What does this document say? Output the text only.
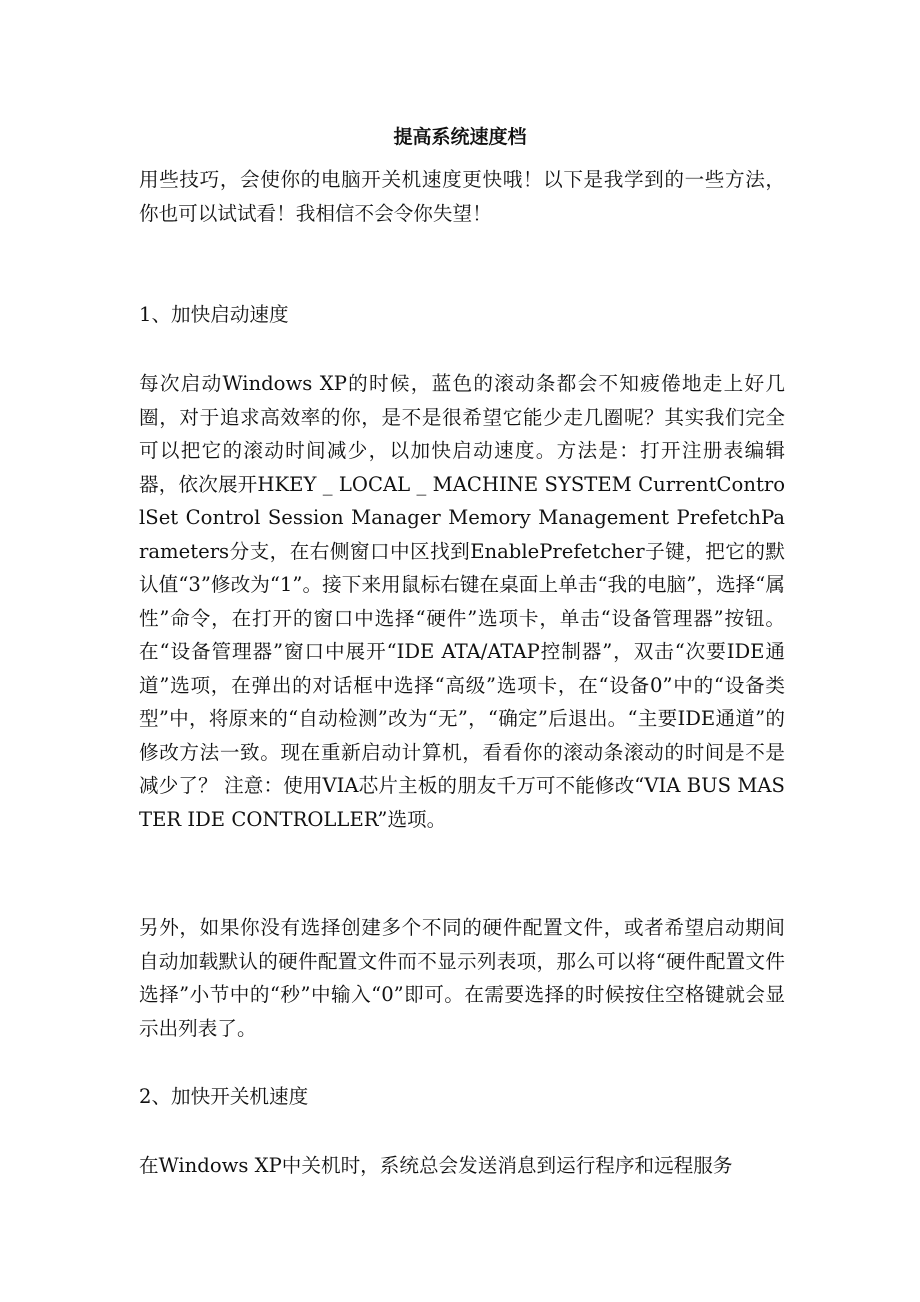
提高系统速度档

用些技巧，会使你的电脑开关机速度更快哦！以下是我学到的一些方法，你也可以试试看！我相信不会令你失望！

1、加快启动速度

每次启动Windows XP的时候，蓝色的滚动条都会不知疲倦地走上好几圈，对于追求高效率的你，是不是很希望它能少走几圈呢？其实我们完全可以把它的滚动时间减少，以加快启动速度。方法是：打开注册表编辑器，依次展开HKEY _ LOCAL _ MACHINE SYSTEM CurrentControlSet Control Session Manager Memory Management PrefetchParameters分支，在右侧窗口中区找到EnablePrefetcher子键，把它的默认值“3”修改为“1”。接下来用鼠标右键在桌面上单击“我的电脑”，选择“属性”命令，在打开的窗口中选择“硬件”选项卡，单击“设备管理器”按钮。在“设备管理器”窗口中展开“IDE ATA/ATAP控制器”，双击“次要IDE通道”选项，在弹出的对话框中选择“高级”选项卡，在“设备0”中的“设备类型”中，将原来的“自动检测”改为“无”，“确定”后退出。“主要IDE通道”的修改方法一致。现在重新启动计算机，看看你的滚动条滚动的时间是不是减少了？ 注意：使用VIA芯片主板的朋友千万可不能修改“VIA BUS MASTER IDE CONTROLLER”选项。

另外，如果你没有选择创建多个不同的硬件配置文件，或者希望启动期间自动加载默认的硬件配置文件而不显示列表项，那么可以将“硬件配置文件选择”小节中的“秒”中输入“0”即可。在需要选择的时候按住空格键就会显示出列表了。

2、加快开关机速度

在Windows XP中关机时，系统总会发送消息到运行程序和远程服务
